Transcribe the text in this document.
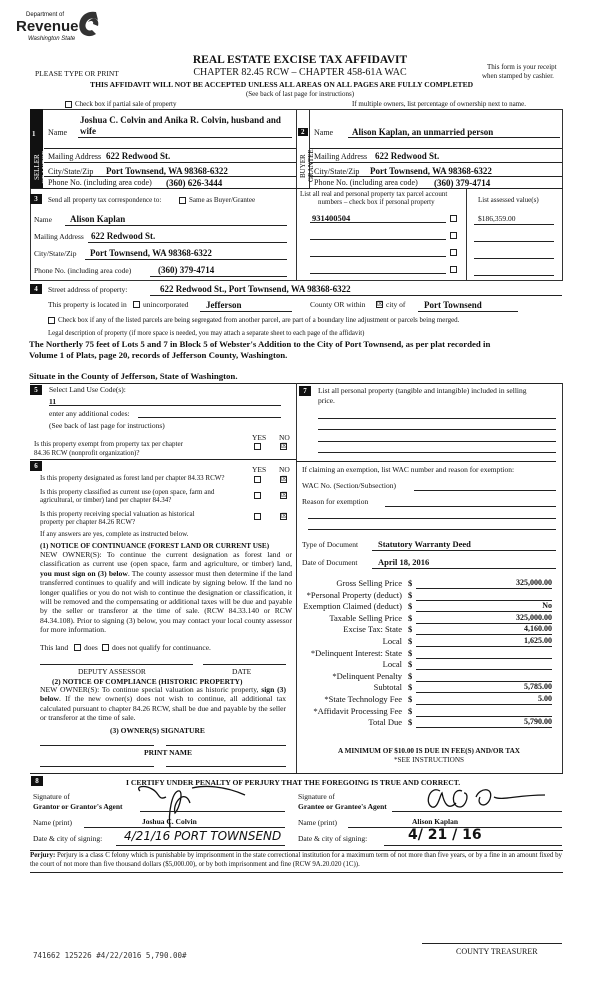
Department of
Revenue
Washington State
REAL ESTATE EXCISE TAX AFFIDAVIT
PLEASE TYPE OR PRINT	CHAPTER 82.45 RCW – CHAPTER 458-61A WAC	This form is your receipt
when stamped by cashier.
THIS AFFIDAVIT WILL NOT BE ACCEPTED UNLESS ALL AREAS ON ALL PAGES ARE FULLY COMPLETED
(See back of last page for instructions)
Check box if partial sale of property	If multiple owners, list percentage of ownership next to name.
1
SELLER GRANTOR
Name
Joshua C. Colvin and Anika R. Colvin, husband and
wife
Mailing Address 622 Redwood St.
City/State/Zip Port Townsend, WA 98368-6322
Phone No. (including area code) (360) 626-3444
2
BUYER GRANTEE
Name Alison Kaplan, an unmarried person
Mailing Address 622 Redwood St.
City/State/Zip Port Townsend, WA 98368-6322
Phone No. (including area code) (360) 379-4714
3	Send all property tax correspondence to:	Same as Buyer/Grantee
Name Alison Kaplan
Mailing Address 622 Redwood St.
City/State/Zip Port Townsend, WA 98368-6322
Phone No. (including area code)	(360) 379-4714
List all real and personal property tax parcel account
numbers – check box if personal property	List assessed value(s)
931400504	$186,359.00
4	Street address of property:	622 Redwood St., Port Townsend, WA 98368-6322
This property is located in unincorporated Jefferson	County OR within ☒ city of Port Townsend
Check box if any of the listed parcels are being segregated from another parcel, are part of a boundary line adjustment or parcels being merged.
Legal description of property (if more space is needed, you may attach a separate sheet to each page of the affidavit)
The Northerly 75 feet of Lots 5 and 7 in Block 5 of Webster's Addition to the City of Port Townsend, as per plat recorded in
Volume 1 of Plats, page 20, records of Jefferson County, Washington.
Situate in the County of Jefferson, State of Washington.
5	Select Land Use Code(s):
11
enter any additional codes:
(See back of last page for instructions)
YES NO
Is this property exempt from property tax per chapter
84.36 RCW (nonprofit organization)?
☒
6	YES NO
Is this property designated as forest land per chapter 84.33 RCW?	☒
Is this property classified as current use (open space, farm and
agricultural, or timber) land per chapter 84.34?
☒
Is this property receiving special valuation as historical
property per chapter 84.26 RCW?
☒
If any answers are yes, complete as instructed below.
(1) NOTICE OF CONTINUANCE (FOREST LAND OR CURRENT USE)
NEW OWNER(S): To continue the current designation as forest land or classification as current use (open space, farm and agriculture, or timber) land, you must sign on (3) below. The county assessor must then determine if the land transferred continues to qualify and will indicate by signing below. If the land no longer qualifies or you do not wish to continue the designation or classification, it will be removed and the compensating or additional taxes will be due and payable by the seller or transferor at the time of sale. (RCW 84.33.140 or RCW 84.34.108). Prior to signing (3) below, you may contact your local county assessor for more information.
This land does does not qualify for continuance.
DEPUTY ASSESSOR	DATE
(2) NOTICE OF COMPLIANCE (HISTORIC PROPERTY)
NEW OWNER(S): To continue special valuation as historic property, sign (3) below. If the new owner(s) does not wish to continue, all additional tax calculated pursuant to chapter 84.26 RCW, shall be due and payable by the seller or transferor at the time of sale.
(3) OWNER(S) SIGNATURE
PRINT NAME
7	List all personal property (tangible and intangible) included in selling
price.
If claiming an exemption, list WAC number and reason for exemption:
WAC No. (Section/Subsection)
Reason for exemption
Type of Document Statutory Warranty Deed
Date of Document April 18, 2016
Gross Selling Price $	325,000.00
*Personal Property (deduct) $
Exemption Claimed (deduct) $	No
Taxable Selling Price $	325,000.00
Excise Tax: State $	4,160.00
Local $	1,625.00
*Delinquent Interest: State $
Local $
*Delinquent Penalty $
Subtotal $	5,785.00
*State Technology Fee $	5.00
*Affidavit Processing Fee $
Total Due $	5,790.00
A MINIMUM OF $10.00 IS DUE IN FEE(S) AND/OR TAX
*SEE INSTRUCTIONS
8	I CERTIFY UNDER PENALTY OF PERJURY THAT THE FOREGOING IS TRUE AND CORRECT.
Signature of
Grantor or Grantor's Agent
Signature of
Grantee or Grantee's Agent
Name (print)	Joshua C. Colvin	Name (print)	Alison Kaplan
Date & city of signing: 4/21/16 PORT TOWNSEND Date & city of signing:	4/ 21 / 16
Perjury: Perjury is a class C felony which is punishable by imprisonment in the state correctional institution for a maximum term of not more than five years, or by a fine in an amount fixed by the court of not more than five thousand dollars ($5,000.00), or by both imprisonment and fine (RCW 9A.20.020 (1C)).
741662 125226 #4/22/2016 5,790.00#	COUNTY TREASURER
